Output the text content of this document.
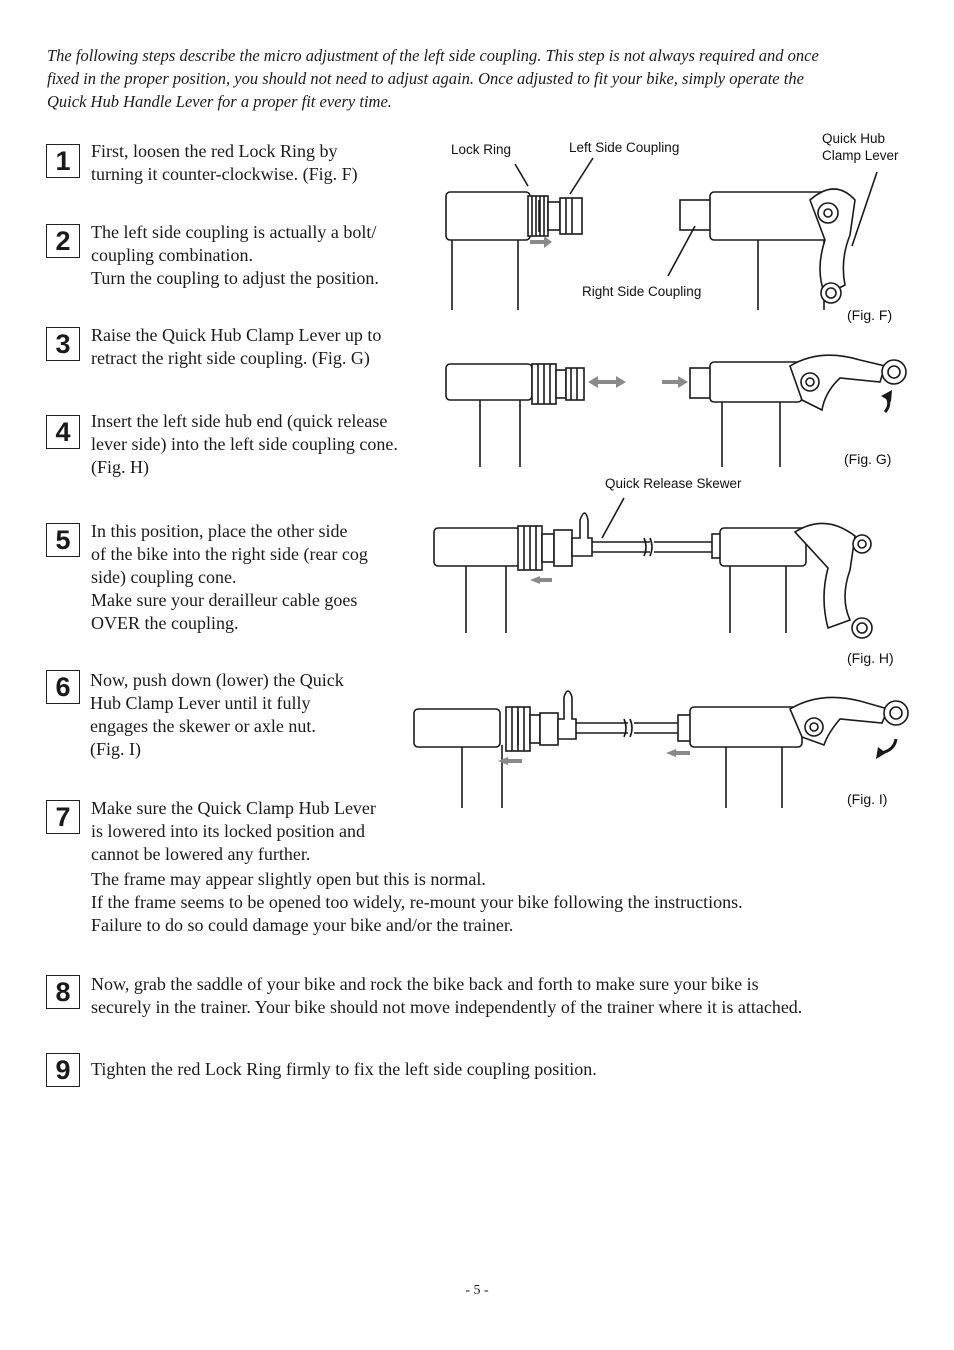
The following steps describe the micro adjustment of the left side coupling. This step is not always required and once
fixed in the proper position, you should not need to adjust again. Once adjusted to fit your bike, simply operate the
Quick Hub Handle Lever for a proper fit every time.
1	First, loosen the red Lock Ring by
turning it counter-clockwise. (Fig. F)
2	The left side coupling is actually a bolt/
coupling combination.
Turn the coupling to adjust the position.
3	Raise the Quick Hub Clamp Lever up to
retract the right side coupling. (Fig. G)
4	Insert the left side hub end (quick release
lever side) into the left side coupling cone.
(Fig. H)
5	In this position, place the other side
of the bike into the right side (rear cog
side) coupling cone.
Make sure your derailleur cable goes
OVER the coupling.
6	Now, push down (lower) the Quick
Hub Clamp Lever until it fully
engages the skewer or axle nut.
(Fig. I)
7	Make sure the Quick Clamp Hub Lever
is lowered into its locked position and
cannot be lowered any further.
The frame may appear slightly open but this is normal.
If the frame seems to be opened too widely, re-mount your bike following the instructions.
Failure to do so could damage your bike and/or the trainer.
8	Now, grab the saddle of your bike and rock the bike back and forth to make sure your bike is
securely in the trainer. Your bike should not move independently of the trainer where it is attached.
9	Tighten the red Lock Ring firmly to fix the left side coupling position.
Lock Ring	Left Side Coupling
Quick Hub
Clamp Lever
Right Side Coupling
Quick Release Skewer
(Fig. F)
(Fig. G)
(Fig. H)
(Fig. I)
- 5 -
